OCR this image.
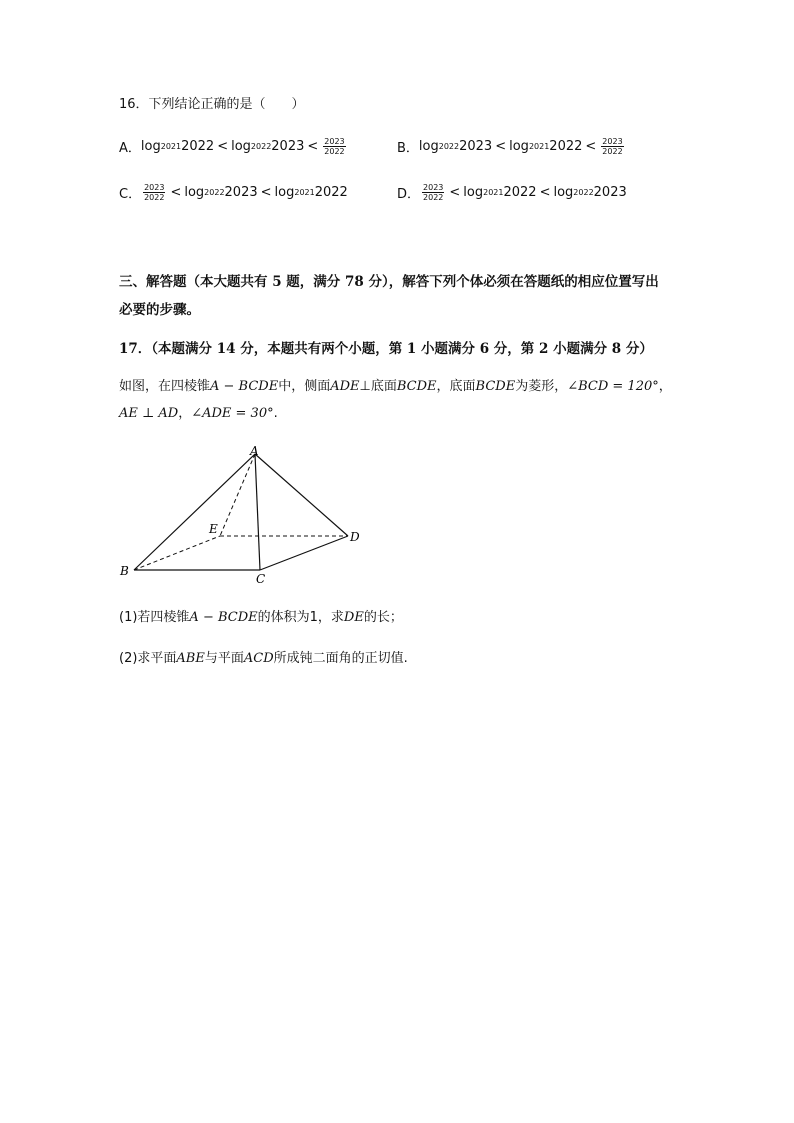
16．下列结论正确的是（　　）
A． log 2021 2022 < log 2022 $2023 < \frac{2023}{2022}$	B． log 2022 2023 < log 2021 $2022 < \frac{2023}{2022}$
C． $\frac{2023}{2022} < \log 2022$ 2023 < log 2021 2022	D． $\frac{2023}{2022} < \log 2021$ 2022 < log 2022 2023
三、解答题（本大题共有 5 题，满分 78 分），解答下列个体必须在答题纸的相应位置写出
必要的步骤。
17．（本题满分 14 分，本题共有两个小题，第 1 小题满分 6 分，第 2 小题满分 8 分）
如图，在四棱锥A − BCDE中，侧面ADE⊥底面BCDE，底面BCDE为菱形，∠BCD = 120°，
AE ⊥ AD，∠ADE = 30°.
A
B
C
D
E
(1)若四棱锥A − BCDE的体积为1，求DE的长；
(2)求平面ABE与平面ACD所成钝二面角的正切值.
